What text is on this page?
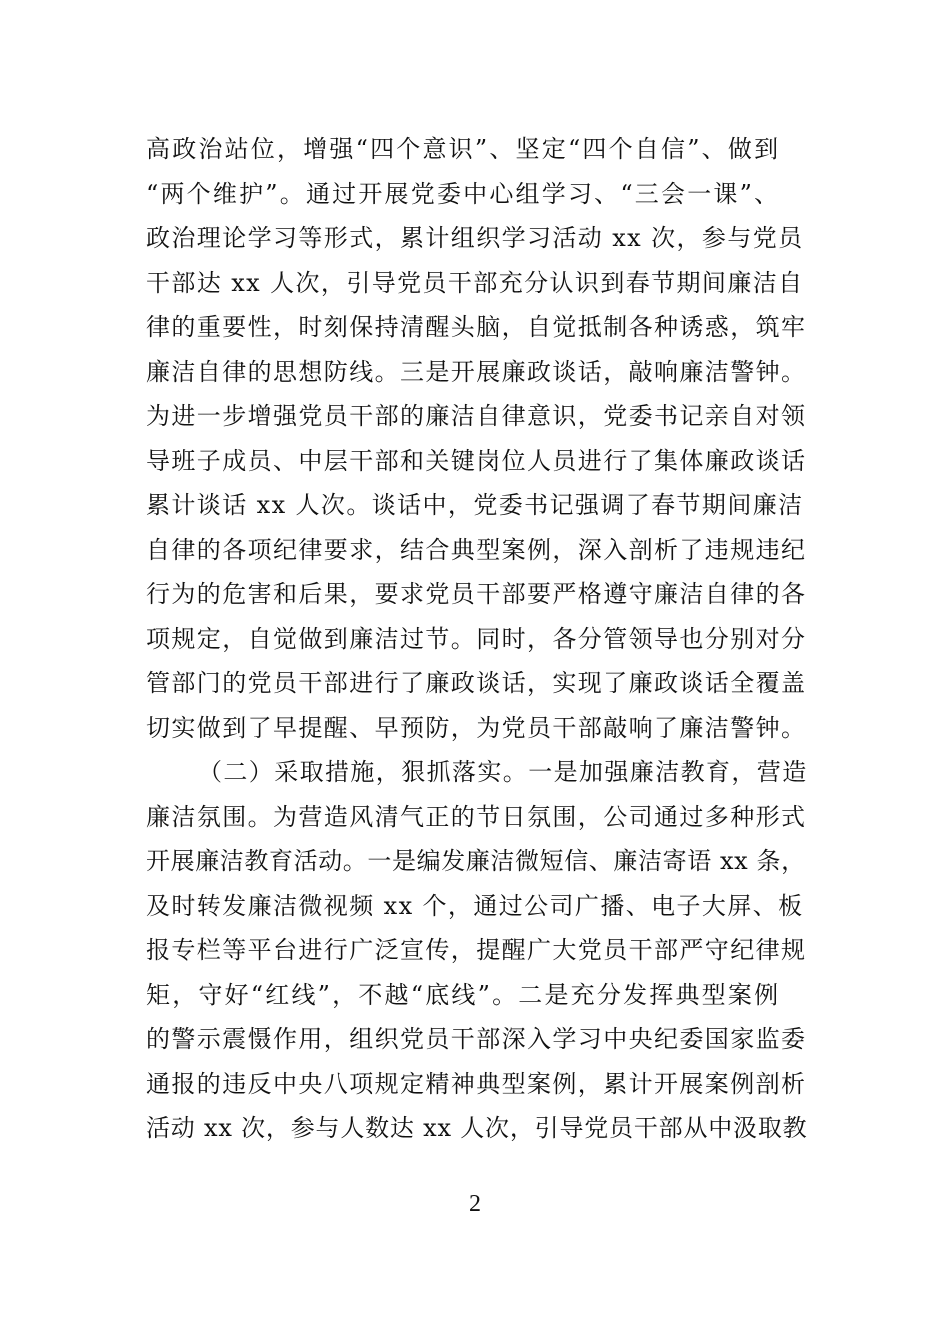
高政治站位，增强“四个意识”、坚定“四个自信”、做到
“两个维护”。通过开展党委中心组学习、“三会一课”、
政治理论学习等形式，累计组织学习活动 xx 次，参与党员
干部达 xx 人次，引导党员干部充分认识到春节期间廉洁自
律的重要性，时刻保持清醒头脑，自觉抵制各种诱惑，筑牢
廉洁自律的思想防线。三是开展廉政谈话，敲响廉洁警钟。
为进一步增强党员干部的廉洁自律意识，党委书记亲自对领
导班子成员、中层干部和关键岗位人员进行了集体廉政谈话
累计谈话 xx 人次。谈话中，党委书记强调了春节期间廉洁
自律的各项纪律要求，结合典型案例，深入剖析了违规违纪
行为的危害和后果，要求党员干部要严格遵守廉洁自律的各
项规定，自觉做到廉洁过节。同时，各分管领导也分别对分
管部门的党员干部进行了廉政谈话，实现了廉政谈话全覆盖
切实做到了早提醒、早预防，为党员干部敲响了廉洁警钟。
（二）采取措施，狠抓落实。一是加强廉洁教育，营造
廉洁氛围。为营造风清气正的节日氛围，公司通过多种形式
开展廉洁教育活动。一是编发廉洁微短信、廉洁寄语 xx 条，
及时转发廉洁微视频 xx 个，通过公司广播、电子大屏、板
报专栏等平台进行广泛宣传，提醒广大党员干部严守纪律规
矩，守好“红线”，不越“底线”。二是充分发挥典型案例
的警示震慑作用，组织党员干部深入学习中央纪委国家监委
通报的违反中央八项规定精神典型案例，累计开展案例剖析
活动 xx 次，参与人数达 xx 人次，引导党员干部从中汲取教
2
